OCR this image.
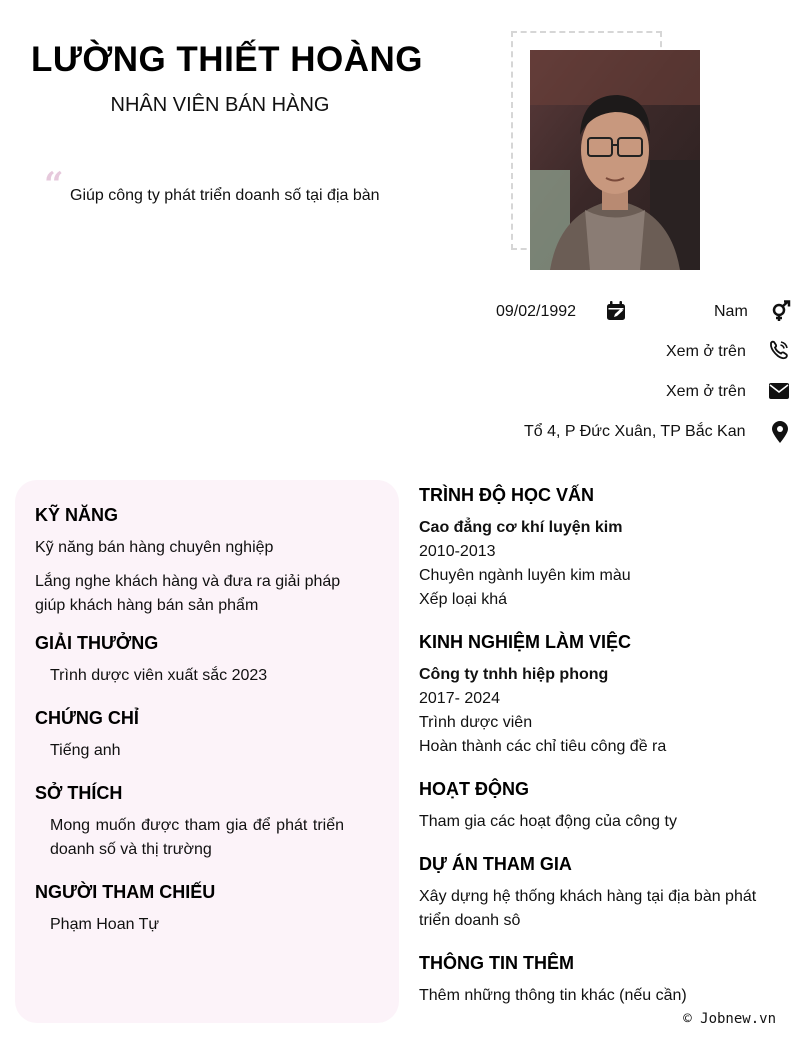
LƯỜNG THIẾT HOÀNG
NHÂN VIÊN BÁN HÀNG
“ Giúp công ty phát triển doanh số tại địa bàn
09/02/1992	Nam
Xem ở trên
Xem ở trên
Tổ 4, P Đức Xuân, TP Bắc Kan
KỸ NĂNG
Kỹ năng bán hàng chuyên nghiệp
Lắng nghe khách hàng và đưa ra giải pháp giúp khách hàng bán sản phẩm
GIẢI THƯỞNG
Trình dược viên xuất sắc 2023
CHỨNG CHỈ
Tiếng anh
SỞ THÍCH
Mong muốn được tham gia để phát triển doanh số và thị trường
NGƯỜI THAM CHIẾU
Phạm Hoan Tự
TRÌNH ĐỘ HỌC VẤN
Cao đẳng cơ khí luyện kim
2010-2013
Chuyên ngành luyên kim màu
Xếp loại khá
KINH NGHIỆM LÀM VIỆC
Công ty tnhh hiệp phong
2017- 2024
Trình dược viên
Hoàn thành các chỉ tiêu công đề ra
HOẠT ĐỘNG
Tham gia các hoạt động của công ty
DỰ ÁN THAM GIA
Xây dựng hệ thống khách hàng tại địa bàn phát triển doanh sô
THÔNG TIN THÊM
Thêm những thông tin khác (nếu cần)
© Jobnew.vn
